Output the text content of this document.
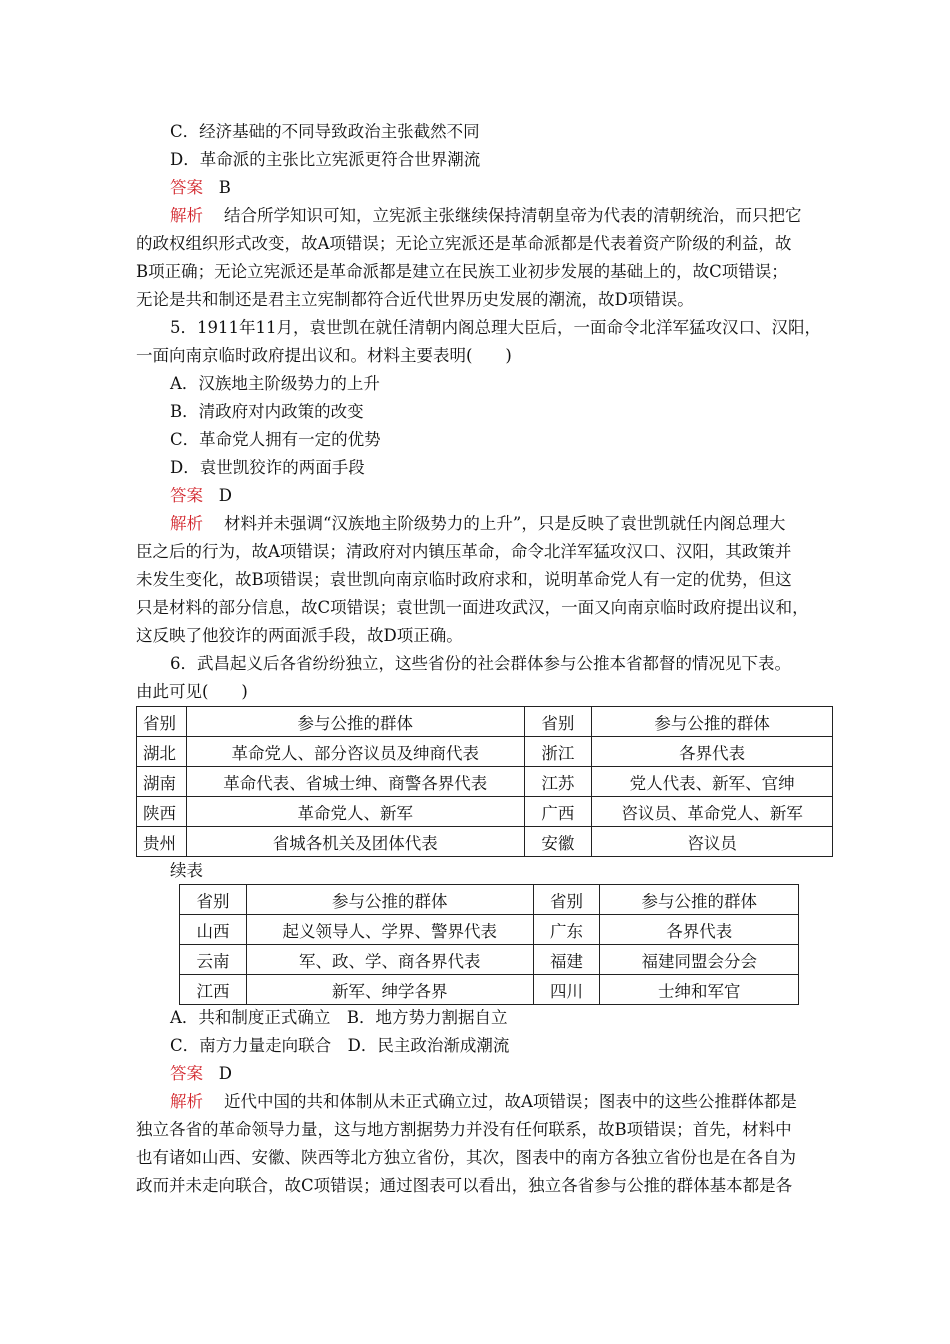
C．经济基础的不同导致政治主张截然不同
D．革命派的主张比立宪派更符合世界潮流
答案 B
解析 结合所学知识可知，立宪派主张继续保持清朝皇帝为代表的清朝统治，而只把它
的政权组织形式改变，故A项错误；无论立宪派还是革命派都是代表着资产阶级的利益，故
B项正确；无论立宪派还是革命派都是建立在民族工业初步发展的基础上的，故C项错误；
无论是共和制还是君主立宪制都符合近代世界历史发展的潮流，故D项错误。
5．1911年11月，袁世凯在就任清朝内阁总理大臣后，一面命令北洋军猛攻汉口、汉阳，
一面向南京临时政府提出议和。材料主要表明(　　)
A．汉族地主阶级势力的上升
B．清政府对内政策的改变
C．革命党人拥有一定的优势
D．袁世凯狡诈的两面手段
答案 D
解析 材料并未强调“汉族地主阶级势力的上升”，只是反映了袁世凯就任内阁总理大
臣之后的行为，故A项错误；清政府对内镇压革命，命令北洋军猛攻汉口、汉阳，其政策并
未发生变化，故B项错误；袁世凯向南京临时政府求和，说明革命党人有一定的优势，但这
只是材料的部分信息，故C项错误；袁世凯一面进攻武汉，一面又向南京临时政府提出议和，
这反映了他狡诈的两面派手段，故D项正确。
6．武昌起义后各省纷纷独立，这些省份的社会群体参与公推本省都督的情况见下表。
由此可见(　　)
省别	参与公推的群体	省别	参与公推的群体
湖北	革命党人、部分咨议员及绅商代表	浙江	各界代表
湖南	革命代表、省城士绅、商警各界代表	江苏	党人代表、新军、官绅
陕西	革命党人、新军	广西	咨议员、革命党人、新军
贵州	省城各机关及团体代表	安徽	咨议员
续表
省别	参与公推的群体	省别	参与公推的群体
山西	起义领导人、学界、警界代表	广东	各界代表
云南	军、政、学、商各界代表	福建	福建同盟会分会
江西	新军、绅学各界	四川	士绅和军官
A．共和制度正式确立　B．地方势力割据自立
C．南方力量走向联合　D．民主政治渐成潮流
答案 D
解析 近代中国的共和体制从未正式确立过，故A项错误；图表中的这些公推群体都是
独立各省的革命领导力量，这与地方割据势力并没有任何联系，故B项错误；首先，材料中
也有诸如山西、安徽、陕西等北方独立省份，其次，图表中的南方各独立省份也是在各自为
政而并未走向联合，故C项错误；通过图表可以看出，独立各省参与公推的群体基本都是各
